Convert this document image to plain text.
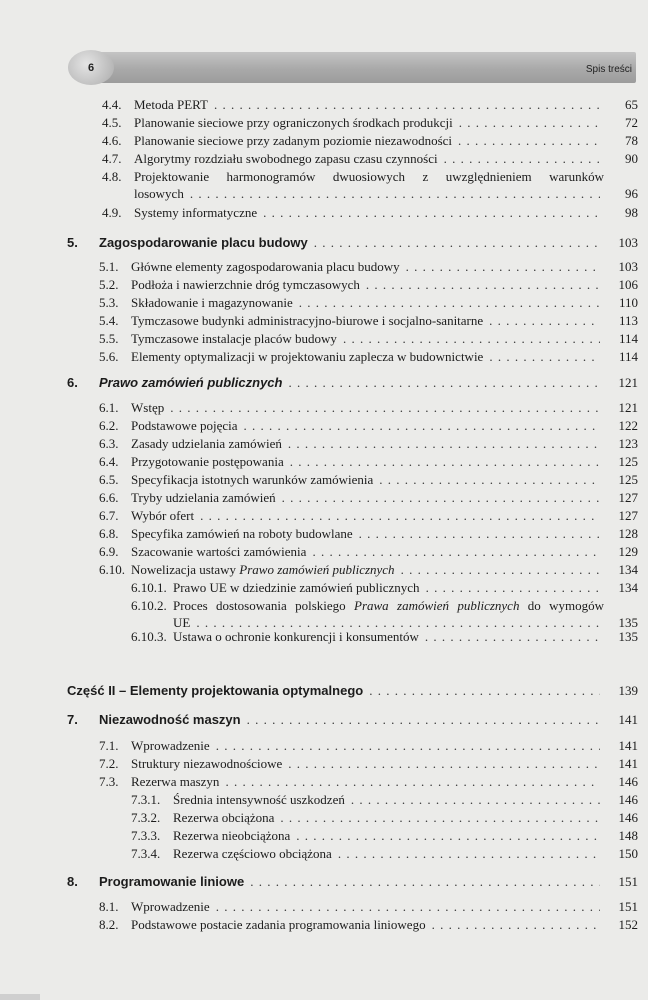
6	Spis treści
4.4. Metoda PERT . . .	65
4.5. Planowanie sieciowe przy ograniczonych środkach produkcji . . .	72
4.6. Planowanie sieciowe przy zadanym poziomie niezawodności . . .	78
4.7. Algorytmy rozdziału swobodnego zapasu czasu czynności . . .	90
4.8. Projektowanie harmonogramów dwuosiowych z uwzględnieniem warunków
losowych . . .	96
4.9. Systemy informatyczne . . .	98
5.	Zagospodarowanie placu budowy . . .	103
5.1. Główne elementy zagospodarowania placu budowy . . .	103
5.2. Podłoża i nawierzchnie dróg tymczasowych . . .	106
5.3. Składowanie i magazynowanie . . .	110
5.4. Tymczasowe budynki administracyjno-biurowe i socjalno-sanitarne . . .	113
5.5. Tymczasowe instalacje placów budowy . . .	114
5.6. Elementy optymalizacji w projektowaniu zaplecza w budownictwie . . .	114
6.	Prawo zamówień publicznych . . .	121
6.1. Wstęp . . .	121
6.2. Podstawowe pojęcia . . .	122
6.3. Zasady udzielania zamówień . . .	123
6.4. Przygotowanie postępowania . . .	125
6.5. Specyfikacja istotnych warunków zamówienia . . .	125
6.6. Tryby udzielania zamówień . . .	127
6.7. Wybór ofert . . .	127
6.8. Specyfika zamówień na roboty budowlane . . .	128
6.9. Szacowanie wartości zamówienia . . .	129
6.10. Nowelizacja ustawy Prawo zamówień publicznych . . .	134
6.10.1. Prawo UE w dziedzinie zamówień publicznych . . .	134
6.10.2. Proces dostosowania polskiego Prawa zamówień publicznych do wymogów
UE . . .	135
6.10.3. Ustawa o ochronie konkurencji i konsumentów . . .	135
Część II – Elementy projektowania optymalnego . . .	139
7.	Niezawodność maszyn . . .	141
7.1. Wprowadzenie . . .	141
7.2. Struktury niezawodnościowe . . .	141
7.3. Rezerwa maszyn . . .	146
7.3.1. Średnia intensywność uszkodzeń . . .	146
7.3.2. Rezerwa obciążona . . .	146
7.3.3. Rezerwa nieobciążona . . .	148
7.3.4. Rezerwa częściowo obciążona . . .	150
8.	Programowanie liniowe . . .	151
8.1. Wprowadzenie . . .	151
8.2. Podstawowe postacie zadania programowania liniowego . . .	152
